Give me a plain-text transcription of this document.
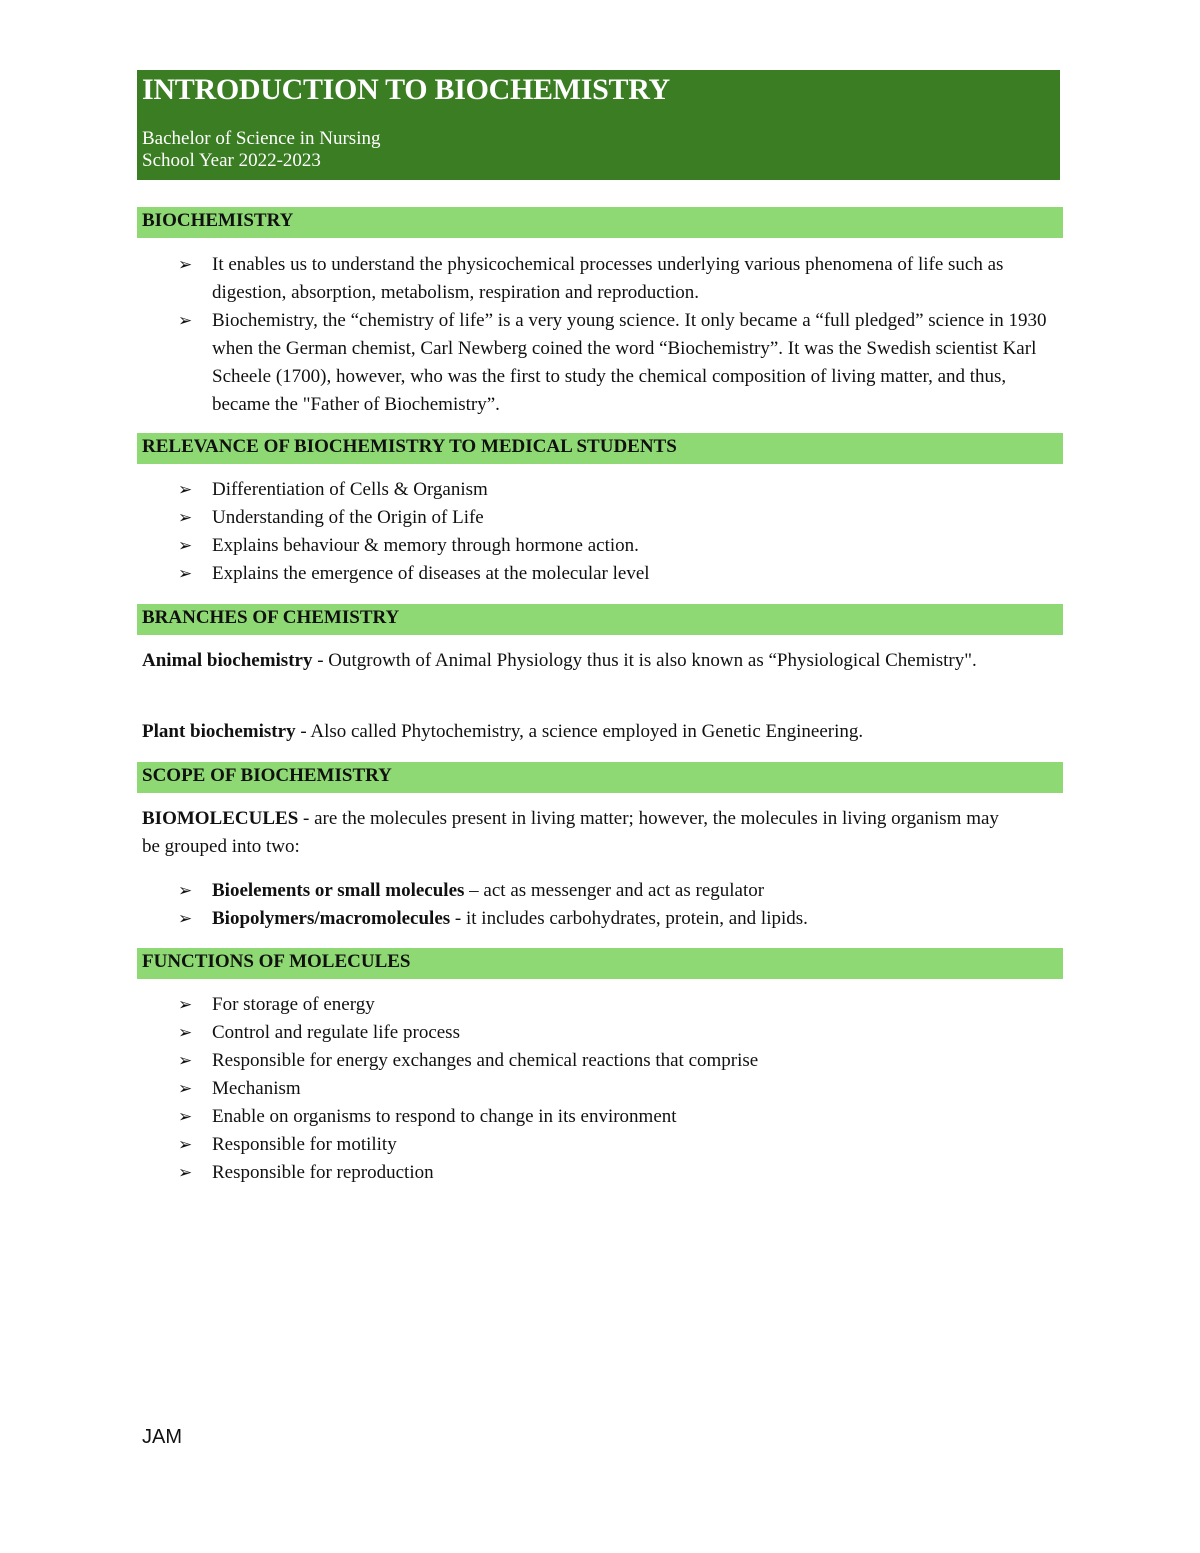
INTRODUCTION TO BIOCHEMISTRY
Bachelor of Science in Nursing
School Year 2022-2023
BIOCHEMISTRY
➢ It enables us to understand the physicochemical processes underlying various phenomena of life such as digestion, absorption, metabolism, respiration and reproduction.
➢ Biochemistry, the “chemistry of life” is a very young science. It only became a “full pledged” science in 1930 when the German chemist, Carl Newberg coined the word “Biochemistry”. It was the Swedish scientist Karl Scheele (1700), however, who was the first to study the chemical composition of living matter, and thus, became the "Father of Biochemistry”.
RELEVANCE OF BIOCHEMISTRY TO MEDICAL STUDENTS
➢ Differentiation of Cells & Organism
➢ Understanding of the Origin of Life
➢ Explains behaviour & memory through hormone action.
➢ Explains the emergence of diseases at the molecular level
BRANCHES OF CHEMISTRY

Animal biochemistry - Outgrowth of Animal Physiology thus it is also known as “Physiological Chemistry".

Plant biochemistry - Also called Phytochemistry, a science employed in Genetic Engineering.

SCOPE OF BIOCHEMISTRY

BIOMOLECULES - are the molecules present in living matter; however, the molecules in living organism may be grouped into two:

➢ Bioelements or small molecules – act as messenger and act as regulator
➢ Biopolymers/macromolecules - it includes carbohydrates, protein, and lipids.
FUNCTIONS OF MOLECULES
➢ For storage of energy
➢ Control and regulate life process
➢ Responsible for energy exchanges and chemical reactions that comprise
➢ Mechanism
➢ Enable on organisms to respond to change in its environment
➢ Responsible for motility
➢ Responsible for reproduction
JAM
